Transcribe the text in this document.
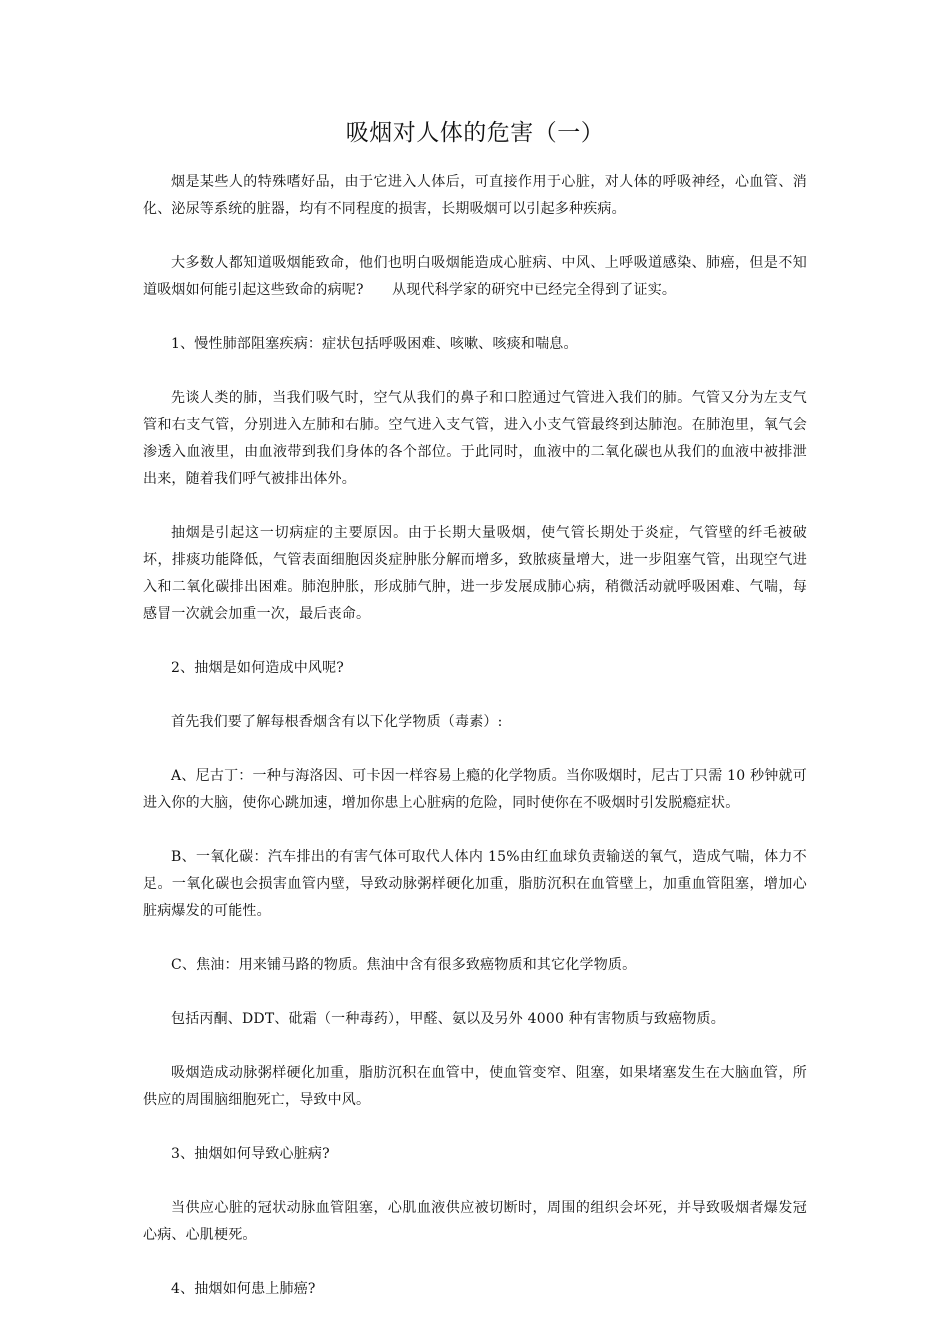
吸烟对人体的危害（一）

烟是某些人的特殊嗜好品，由于它进入人体后，可直接作用于心脏，对人体的呼吸神经，心血管、消化、泌尿等系统的脏器，均有不同程度的损害，长期吸烟可以引起多种疾病。

大多数人都知道吸烟能致命，他们也明白吸烟能造成心脏病、中风、上呼吸道感染、肺癌，但是不知道吸烟如何能引起这些致命的病呢?　　从现代科学家的研究中已经完全得到了证实。

1、慢性肺部阻塞疾病：症状包括呼吸困难、咳嗽、咳痰和喘息。

先谈人类的肺，当我们吸气时，空气从我们的鼻子和口腔通过气管进入我们的肺。气管又分为左支气管和右支气管，分别进入左肺和右肺。空气进入支气管，进入小支气管最终到达肺泡。在肺泡里，氧气会渗透入血液里，由血液带到我们身体的各个部位。于此同时，血液中的二氧化碳也从我们的血液中被排泄出来，随着我们呼气被排出体外。

抽烟是引起这一切病症的主要原因。由于长期大量吸烟，使气管长期处于炎症，气管壁的纤毛被破坏，排痰功能降低，气管表面细胞因炎症肿胀分解而增多，致脓痰量增大，进一步阻塞气管，出现空气进入和二氧化碳排出困难。肺泡肿胀，形成肺气肿，进一步发展成肺心病，稍微活动就呼吸困难、气喘，每感冒一次就会加重一次，最后丧命。

2、抽烟是如何造成中风呢?

首先我们要了解每根香烟含有以下化学物质（毒素）:

A、尼古丁：一种与海洛因、可卡因一样容易上瘾的化学物质。当你吸烟时，尼古丁只需 10 秒钟就可进入你的大脑，使你心跳加速，增加你患上心脏病的危险，同时使你在不吸烟时引发脱瘾症状。

B、一氧化碳：汽车排出的有害气体可取代人体内 15%由红血球负责输送的氧气，造成气喘，体力不足。一氧化碳也会损害血管内壁，导致动脉粥样硬化加重，脂肪沉积在血管壁上，加重血管阻塞，增加心脏病爆发的可能性。

C、焦油：用来铺马路的物质。焦油中含有很多致癌物质和其它化学物质。

包括丙酮、DDT、砒霜（一种毒药），甲醛、氨以及另外 4000 种有害物质与致癌物质。

吸烟造成动脉粥样硬化加重，脂肪沉积在血管中，使血管变窄、阻塞，如果堵塞发生在大脑血管，所供应的周围脑细胞死亡，导致中风。

3、抽烟如何导致心脏病?

当供应心脏的冠状动脉血管阻塞，心肌血液供应被切断时，周围的组织会坏死，并导致吸烟者爆发冠心病、心肌梗死。

4、抽烟如何患上肺癌?
